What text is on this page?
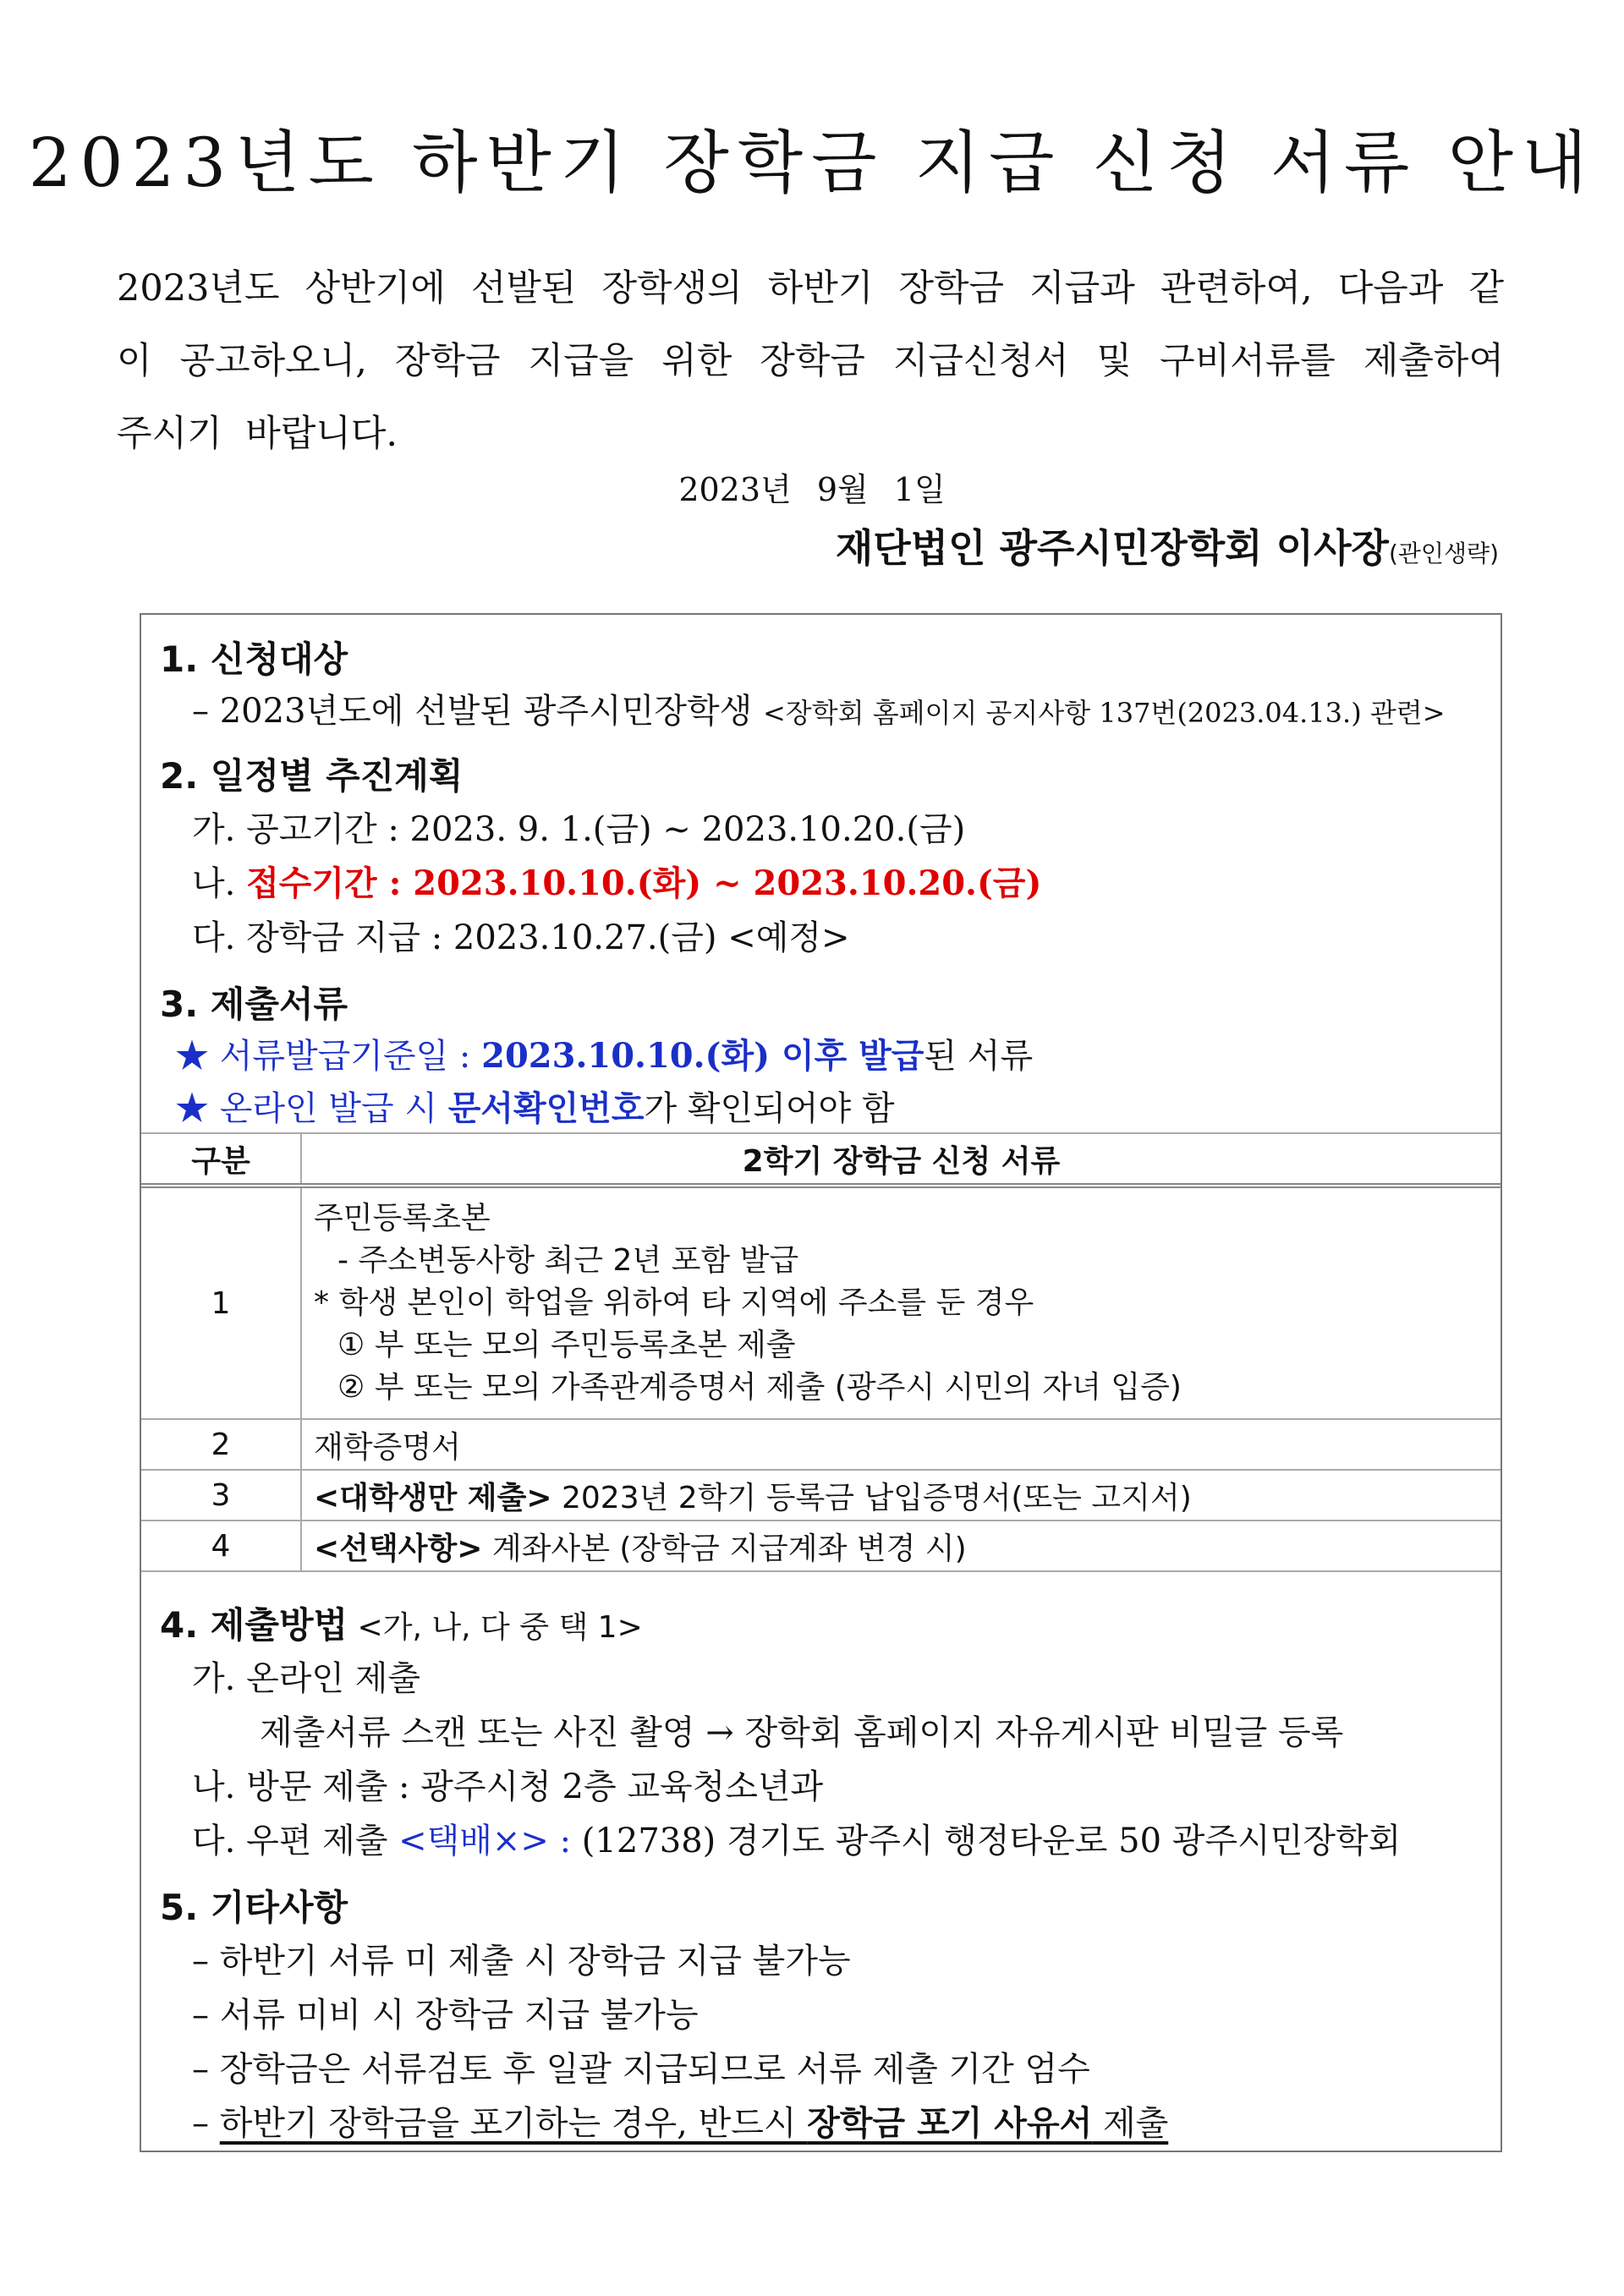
2023년도 하반기 장학금 지급 신청 서류 안내
2023년도 상반기에 선발된 장학생의 하반기 장학금 지급과 관련하여, 다음과 같이 공고하오니, 장학금 지급을 위한 장학금 지급신청서 및 구비서류를 제출하여 주시기 바랍니다.
2023년 9월 1일
재단법인 광주시민장학회 이사장(관인생략)
1. 신청대상
– 2023년도에 선발된 광주시민장학생 <장학회 홈페이지 공지사항 137번(2023.04.13.) 관련>
2. 일정별 추진계획
가. 공고기간 : 2023. 9. 1.(금) ~ 2023.10.20.(금)
나. 접수기간 : 2023.10.10.(화) ~ 2023.10.20.(금)
다. 장학금 지급 : 2023.10.27.(금) <예정>
3. 제출서류
★ 서류발급기준일 : 2023.10.10.(화) 이후 발급된 서류
★ 온라인 발급 시 문서확인번호가 확인되어야 함
구분	2학기 장학금 신청 서류
1	주민등록초본
- 주소변동사항 최근 2년 포함 발급
* 학생 본인이 학업을 위하여 타 지역에 주소를 둔 경우
① 부 또는 모의 주민등록초본 제출
② 부 또는 모의 가족관계증명서 제출 (광주시 시민의 자녀 입증)

2	재학증명서
3	<대학생만 제출> 2023년 2학기 등록금 납입증명서(또는 고지서)
4	<선택사항> 계좌사본 (장학금 지급계좌 변경 시)
4. 제출방법 <가, 나, 다 중 택 1>
가. 온라인 제출
제출서류 스캔 또는 사진 촬영 → 장학회 홈페이지 자유게시판 비밀글 등록
나. 방문 제출 : 광주시청 2층 교육청소년과
다. 우편 제출 <택배×> : (12738) 경기도 광주시 행정타운로 50 광주시민장학회
5. 기타사항
– 하반기 서류 미 제출 시 장학금 지급 불가능
– 서류 미비 시 장학금 지급 불가능
– 장학금은 서류검토 후 일괄 지급되므로 서류 제출 기간 엄수
– 하반기 장학금을 포기하는 경우, 반드시 장학금 포기 사유서 제출
